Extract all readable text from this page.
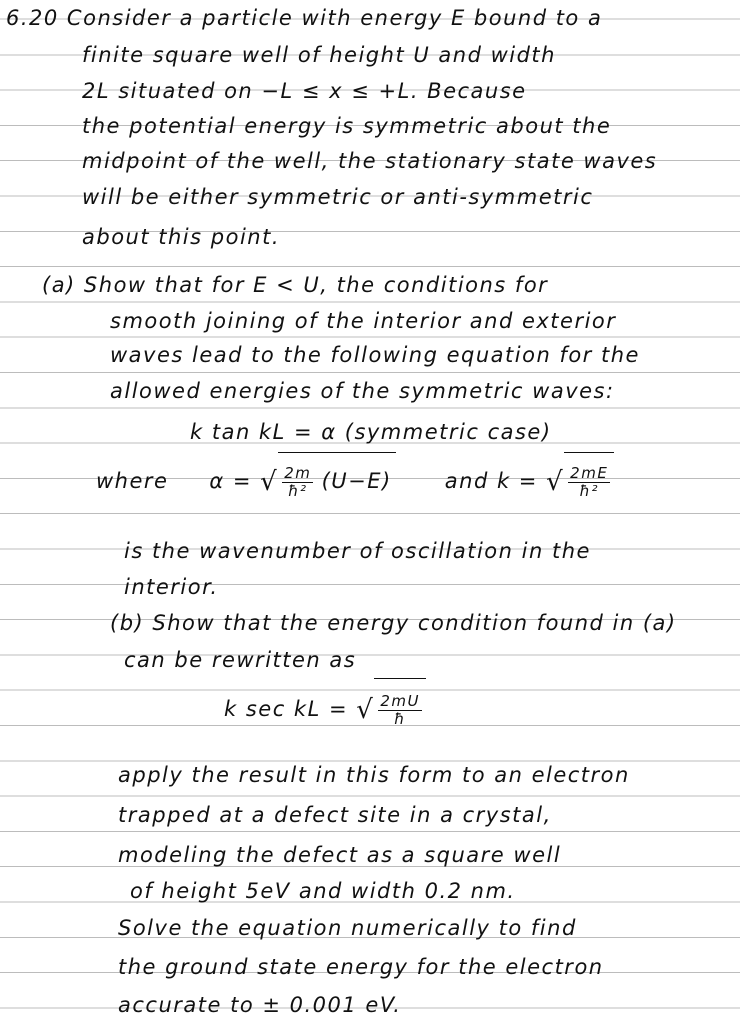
6.20 Consider a particle with energy E bound to a
finite square well of height U and width
2L situated on −L ≤ x ≤ +L. Because
the potential energy is symmetric about the
midpoint of the well, the stationary state waves
will be either symmetric or anti-symmetric
about this point.
(a) Show that for E < U, the conditions for
smooth joining of the interior and exterior
waves lead to the following equation for the
allowed energies of the symmetric waves:
k tan kL = α (symmetric case)
where α = √ $\frac{2m}{\text{ħ²}} (U-E)$	and k = √ $\frac{2mE}{\text{ħ²}}$
is the wavenumber of oscillation in the
interior.
(b) Show that the energy condition found in (a)
can be rewritten as
k sec kL = √ $\frac{2mU}{ħ}$
apply the result in this form to an electron
trapped at a defect site in a crystal,
modeling the defect as a square well
of height 5eV and width 0.2 nm.
Solve the equation numerically to find
the ground state energy for the electron
accurate to ± 0.001 eV.
